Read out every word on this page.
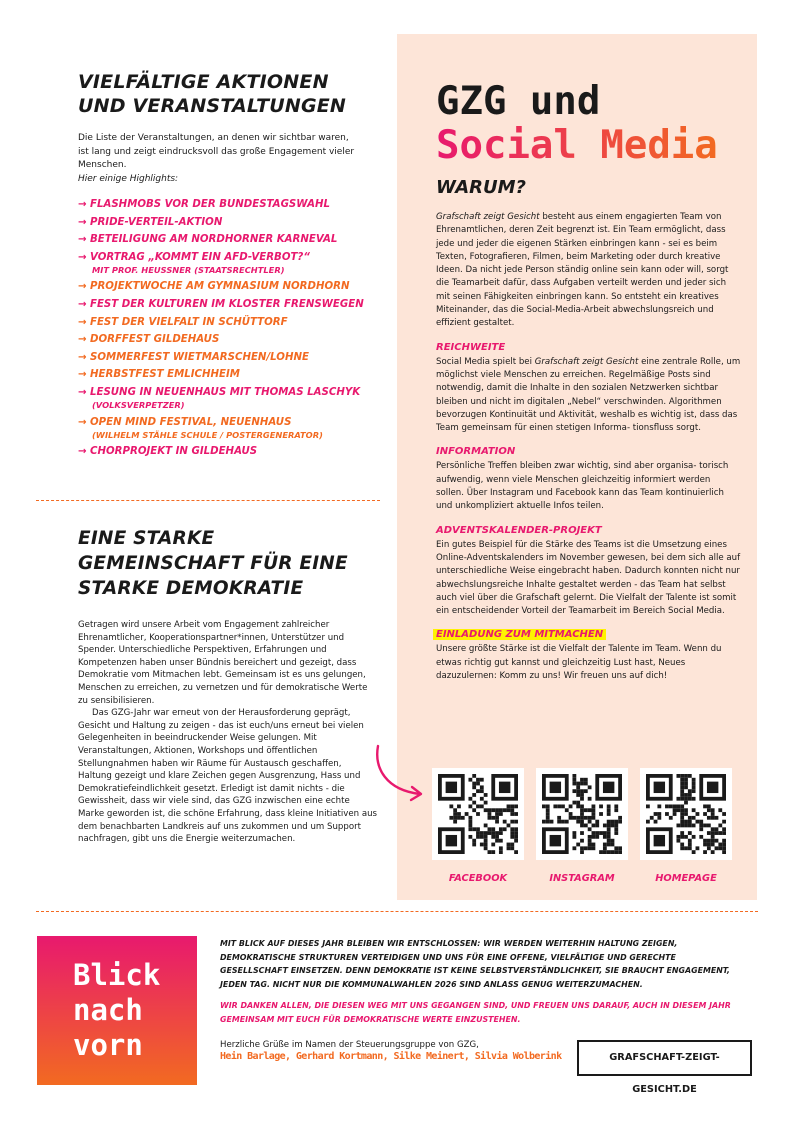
VIELFÄLTIGE AKTIONEN
UND VERANSTALTUNGEN
Die Liste der Veranstaltungen, an denen wir sichtbar waren,
ist lang und zeigt eindrucksvoll das große Engagement vieler Menschen.
Hier einige Highlights:
→ FLASHMOBS VOR DER BUNDESTAGSWAHL
→ PRIDE-VERTEIL-AKTION
→ BETEILIGUNG AM NORDHORNER KARNEVAL
→ VORTRAG „KOMMT EIN AFD-VERBOT?“
MIT PROF. HEUSSNER (STAATSRECHTLER)
→ PROJEKTWOCHE AM GYMNASIUM NORDHORN
→ FEST DER KULTUREN IM KLOSTER FRENSWEGEN
→ FEST DER VIELFALT IN SCHÜTTORF
→ DORFFEST GILDEHAUS
→ SOMMERFEST WIETMARSCHEN/LOHNE
→ HERBSTFEST EMLICHHEIM
→ LESUNG IN NEUENHAUS MIT THOMAS LASCHYK
(VOLKSVERPETZER)
→ OPEN MIND FESTIVAL, NEUENHAUS
(WILHELM STÄHLE SCHULE / POSTERGENERATOR)
→ CHORPROJEKT IN GILDEHAUS
EINE STARKE
GEMEINSCHAFT FÜR EINE
STARKE DEMOKRATIE

Getragen wird unsere Arbeit vom Engagement zahlreicher Ehrenamtlicher, Kooperationspartner*innen, Unterstützer und Spender. Unterschiedliche Perspektiven, Erfahrungen und Kompetenzen haben unser Bündnis bereichert und gezeigt, dass Demokratie vom Mitmachen lebt. Gemeinsam ist es uns gelungen, Menschen zu erreichen, zu vernetzen und für demokratische Werte zu sensibilisieren.

Das GZG-Jahr war erneut von der Herausforderung geprägt, Gesicht und Haltung zu zeigen - das ist euch/uns erneut bei vielen Gelegenheiten in beeindruckender Weise gelungen. Mit Veranstaltungen, Aktionen, Workshops und öffentlichen Stellungnahmen haben wir Räume für Austausch geschaffen, Haltung gezeigt und klare Zeichen gegen Ausgrenzung, Hass und Demokratiefeindlichkeit gesetzt. Erledigt ist damit nichts - die Gewissheit, dass wir viele sind, das GZG inzwischen eine echte Marke geworden ist, die schöne Erfahrung, dass kleine Initiativen aus dem benachbarten Landkreis auf uns zukommen und um Support nachfragen, gibt uns die Energie weiterzumachen.

GZG und
Social Media
WARUM?

Grafschaft zeigt Gesicht besteht aus einem engagierten Team von Ehrenamtlichen, deren Zeit begrenzt ist. Ein Team ermöglicht, dass jede und jeder die eigenen Stärken einbringen kann - sei es beim Texten, Fotografieren, Filmen, beim Marketing oder durch kreative Ideen. Da nicht jede Person ständig online sein kann oder will, sorgt die Teamarbeit dafür, dass Aufgaben verteilt werden und jeder sich mit seinen Fähigkeiten einbringen kann. So entsteht ein kreatives Miteinander, das die Social-Media-Arbeit abwechslungsreich und effizient gestaltet.

REICHWEITE

Social Media spielt bei Grafschaft zeigt Gesicht eine zentrale Rolle, um möglichst viele Menschen zu erreichen. Regelmäßige Posts sind notwendig, damit die Inhalte in den sozialen Netzwerken sichtbar bleiben und nicht im digitalen „Nebel“ verschwinden. Algorithmen bevorzugen Kontinuität und Aktivität, weshalb es wichtig ist, dass das Team gemeinsam für einen stetigen Informa- tionsfluss sorgt.

INFORMATION

Persönliche Treffen bleiben zwar wichtig, sind aber organisa- torisch aufwendig, wenn viele Menschen gleichzeitig informiert werden sollen. Über Instagram und Facebook kann das Team kontinuierlich und unkompliziert aktuelle Infos teilen.

ADVENTSKALENDER-PROJEKT

Ein gutes Beispiel für die Stärke des Teams ist die Umsetzung eines Online-Adventskalenders im November gewesen, bei dem sich alle auf unterschiedliche Weise eingebracht haben. Dadurch konnten nicht nur abwechslungsreiche Inhalte gestaltet werden - das Team hat selbst auch viel über die Grafschaft gelernt. Die Vielfalt der Talente ist somit ein entscheidender Vorteil der Teamarbeit im Bereich Social Media.

EINLADUNG ZUM MITMACHEN

Unsere größte Stärke ist die Vielfalt der Talente im Team. Wenn du etwas richtig gut kannst und gleichzeitig Lust hast, Neues dazuzulernen: Komm zu uns! Wir freuen uns auf dich!

FACEBOOK	INSTAGRAM	HOMEPAGE
Blick
nach
vorn

MIT BLICK AUF DIESES JAHR BLEIBEN WIR ENTSCHLOSSEN: WIR WERDEN WEITERHIN HALTUNG ZEIGEN, DEMOKRATISCHE STRUKTUREN VERTEIDIGEN UND UNS FÜR EINE OFFENE, VIELFÄLTIGE UND GERECHTE GESELLSCHAFT EINSETZEN. DENN DEMOKRATIE IST KEINE SELBSTVERSTÄNDLICHKEIT, SIE BRAUCHT ENGAGEMENT, JEDEN TAG. NICHT NUR DIE KOMMUNALWAHLEN 2026 SIND ANLASS GENUG WEITERZUMACHEN.

WIR DANKEN ALLEN, DIE DIESEN WEG MIT UNS GEGANGEN SIND, UND FREUEN UNS DARAUF, AUCH IN DIESEM JAHR GEMEINSAM MIT EUCH FÜR DEMOKRATISCHE WERTE EINZUSTEHEN.

Herzliche Grüße im Namen der Steuerungsgruppe von GZG,

Hein Barlage, Gerhard Kortmann, Silke Meinert, Silvia Wolberink	GRAFSCHAFT-ZEIGT-GESICHT.DE
